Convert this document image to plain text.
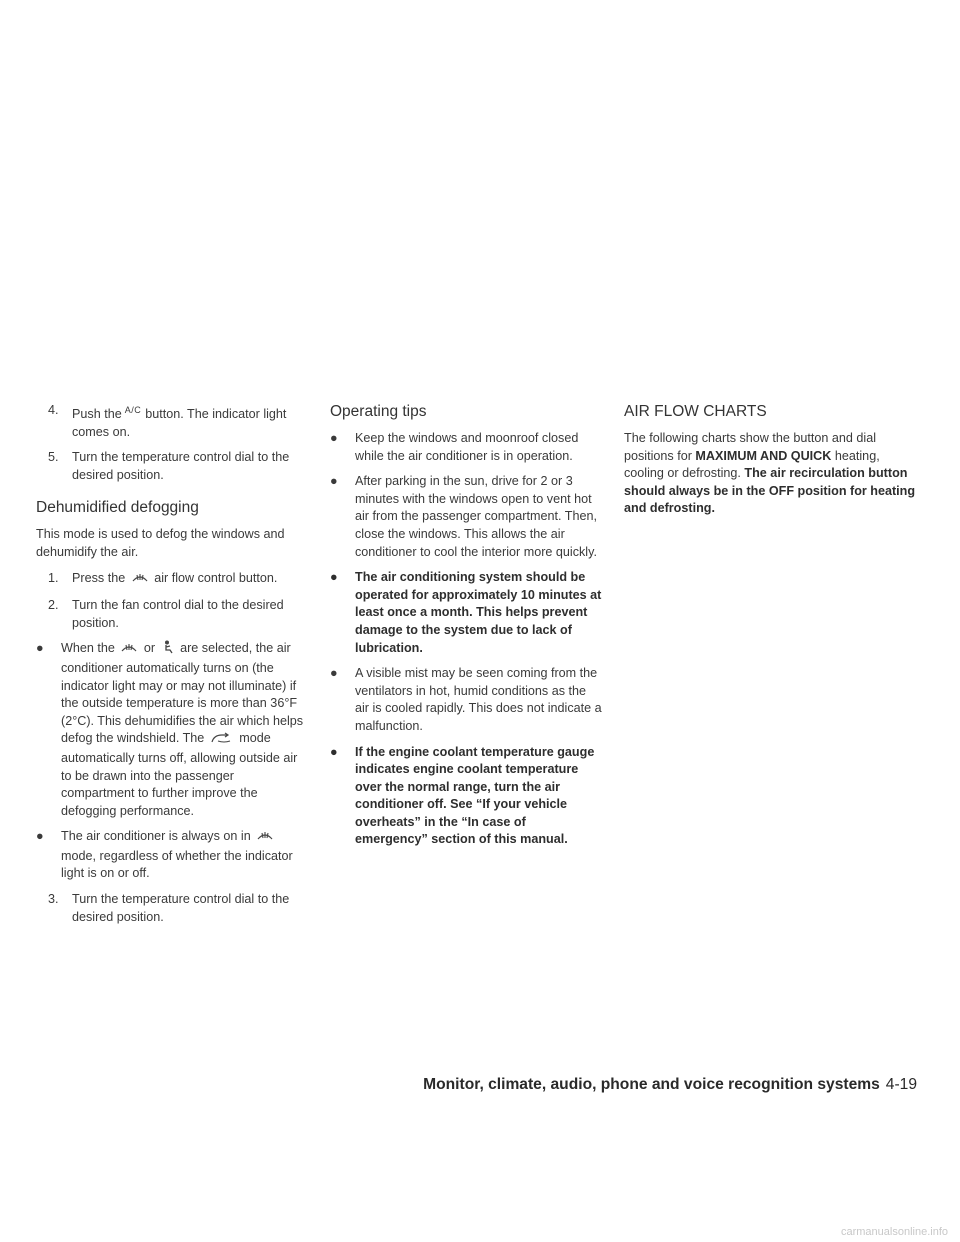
4. Push the $^{A/C}$ button. The indicator light comes on.
5. Turn the temperature control dial to the desired position.
Dehumidified defogging

This mode is used to defog the windows and dehumidify the air.

1. Press the air flow control button.
2. Turn the fan control dial to the desired position.
● When the or are selected, the air conditioner automatically turns on (the indicator light may or may not illuminate) if the outside temperature is more than 36°F (2°C). This dehumidifies the air which helps defog the windshield. The	mode automatically turns off, allowing outside air to be drawn into the passenger compartment to further improve the defogging performance.
● The air conditioner is always on in  mode, regardless of whether the indicator light is on or off.
3. Turn the temperature control dial to the desired position.
Operating tips
● Keep the windows and moonroof closed while the air conditioner is in operation.
● After parking in the sun, drive for 2 or 3 minutes with the windows open to vent hot air from the passenger compartment. Then, close the windows. This allows the air conditioner to cool the interior more quickly.
● The air conditioning system should be operated for approximately 10 minutes at least once a month. This helps prevent damage to the system due to lack of lubrication.
● A visible mist may be seen coming from the ventilators in hot, humid conditions as the air is cooled rapidly. This does not indicate a malfunction.
● If the engine coolant temperature gauge indicates engine coolant temperature over the normal range, turn the air conditioner off. See “If your vehicle overheats” in the “In case of emergency” section of this manual.
AIR FLOW CHARTS

The following charts show the button and dial positions for MAXIMUM AND QUICK heating, cooling or defrosting. The air recirculation button should always be in the OFF position for heating and defrosting.

Monitor, climate, audio, phone and voice recognition systems 4-19
carmanualsonline.info
